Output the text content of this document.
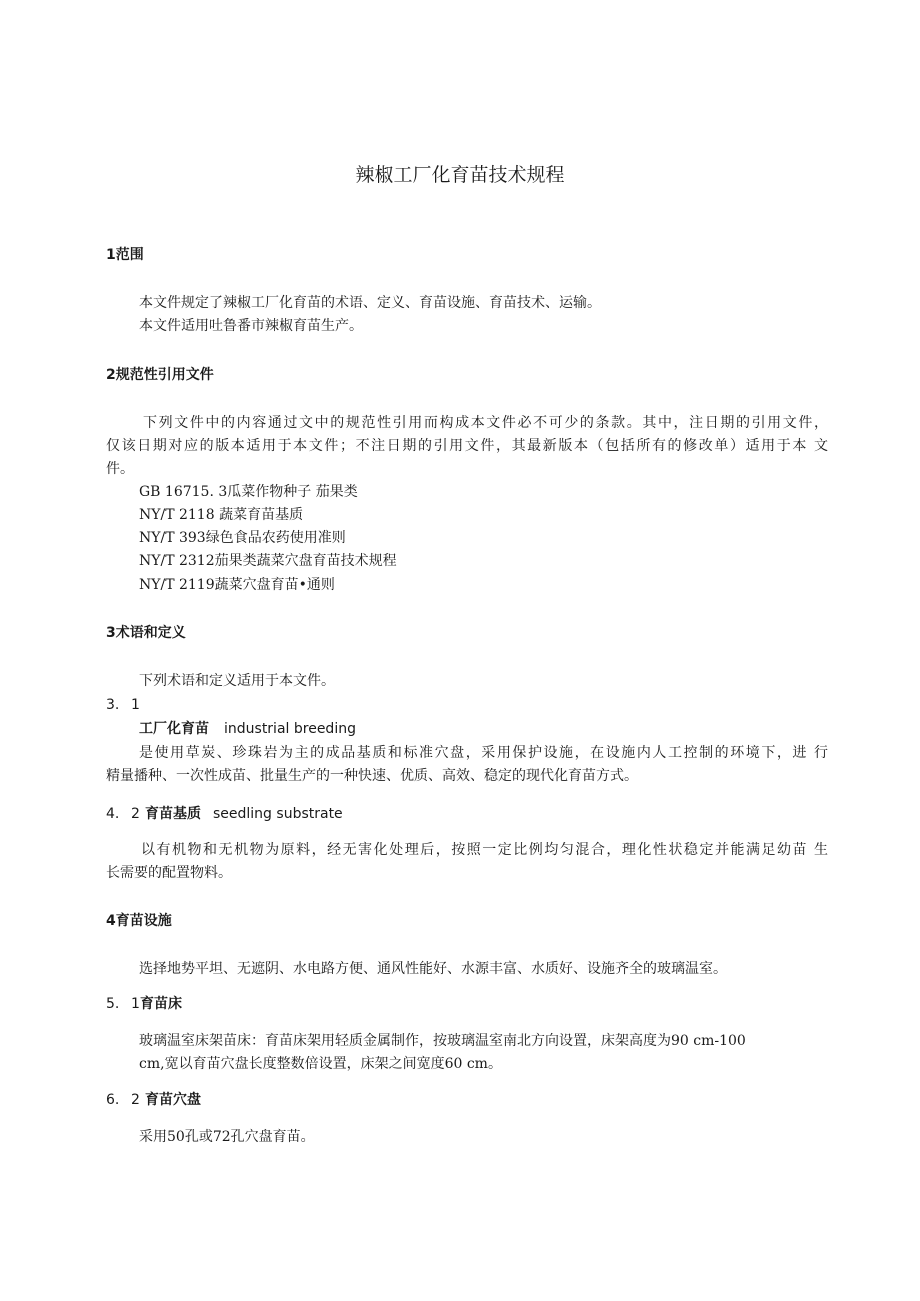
辣椒工厂化育苗技术规程
1范围
本文件规定了辣椒工厂化育苗的术语、定义、育苗设施、育苗技术、运输。
本文件适用吐鲁番市辣椒育苗生产。
2规范性引用文件
下列文件中的内容通过文中的规范性引用而构成本文件必不可少的条款。其中，注日期的引用文件，
仅该日期对应的版本适用于本文件；不注日期的引用文件，其最新版本（包括所有的修改单）适用于本 文
件。
GB 16715. 3瓜菜作物种子 茄果类
NY/T 2118 蔬菜育苗基质
NY/T 393绿色食品农药使用准则
NY/T 2312茄果类蔬菜穴盘育苗技术规程
NY/T 2119蔬菜穴盘育苗•通则
3术语和定义
下列术语和定义适用于本文件。
3. 1
工厂化育苗 industrial breeding
是使用草炭、珍珠岩为主的成品基质和标准穴盘，采用保护设施，在设施内人工控制的环境下，进 行
精量播种、一次性成苗、批量生产的一种快速、优质、高效、稳定的现代化育苗方式。
4. 2 育苗基质 seedling substrate
以有机物和无机物为原料，经无害化处理后，按照一定比例均匀混合，理化性状稳定并能满足幼苗 生
长需要的配置物料。
4育苗设施
选择地势平坦、无遮阴、水电路方便、通风性能好、水源丰富、水质好、设施齐全的玻璃温室。
5. 1 育苗床
玻璃温室床架苗床：育苗床架用轻质金属制作，按玻璃温室南北方向设置，床架高度为90 cm-100
cm,宽以育苗穴盘长度整数倍设置，床架之间宽度60 cm。
6. 2 育苗穴盘
采用50孔或72孔穴盘育苗。
